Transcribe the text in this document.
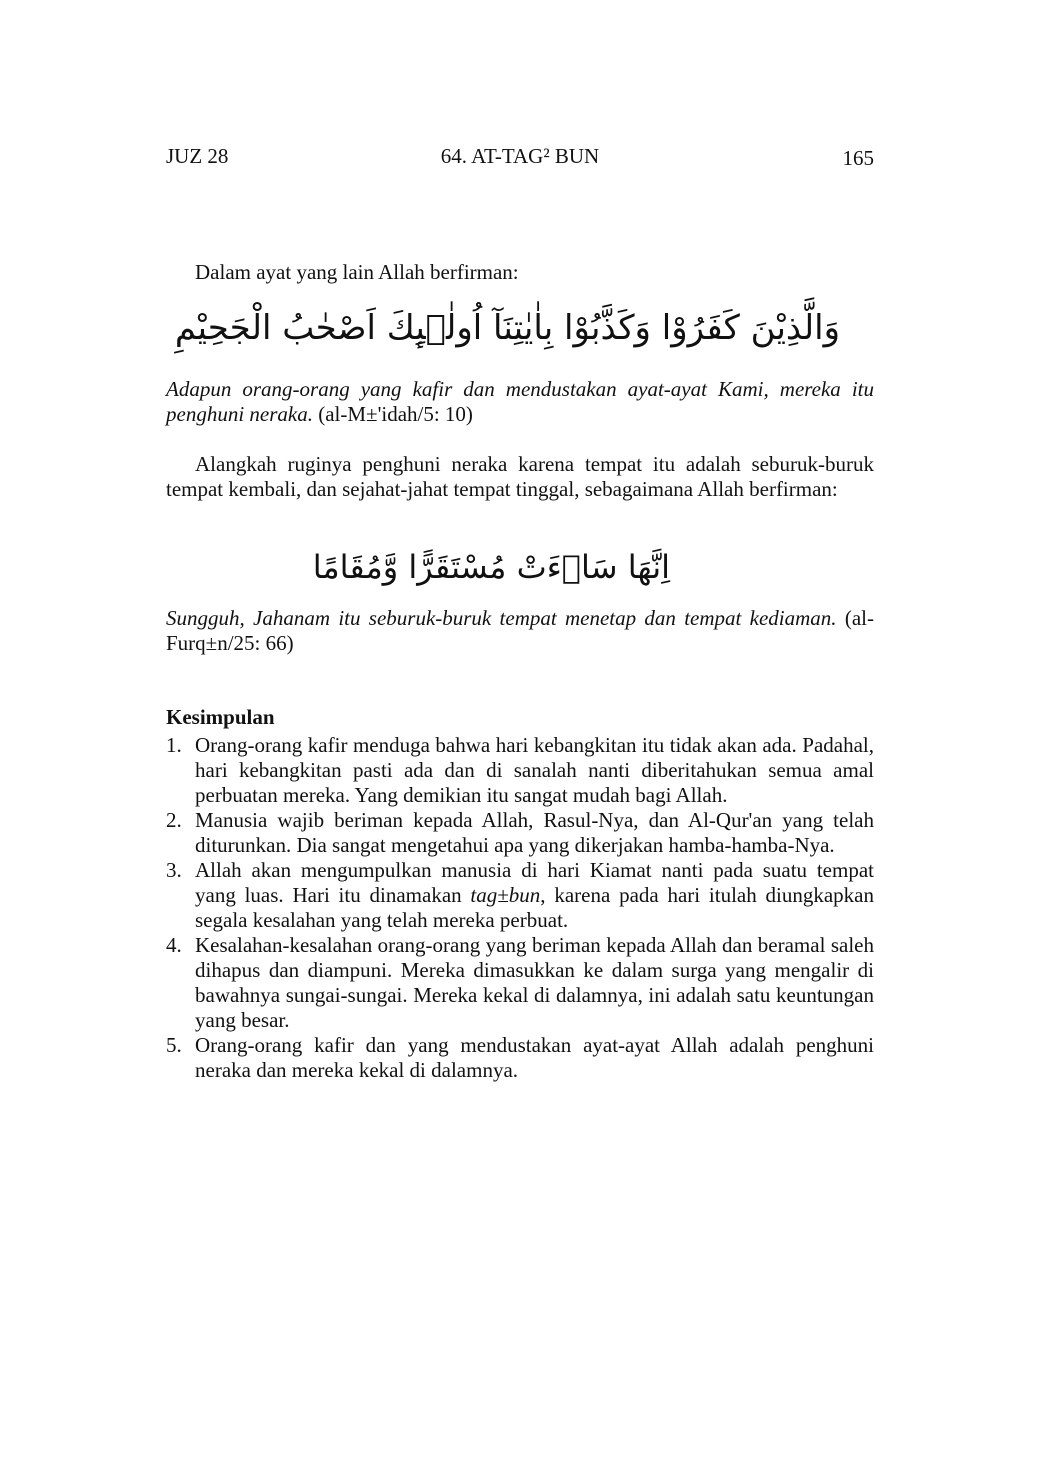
JUZ 28	64. AT-TAG² BUN	165
Dalam ayat yang lain Allah berfirman:
وَالَّذِيْنَ كَفَرُوْا وَكَذَّبُوْا بِاٰيٰتِنَآ اُولٰۤىِٕكَ اَصْحٰبُ الْجَحِيْمِ
Adapun orang-orang yang kafir dan mendustakan ayat-ayat Kami, mereka itu penghuni neraka. (al-M±'idah/5: 10)
Alangkah ruginya penghuni neraka karena tempat itu adalah seburuk-buruk tempat kembali, dan sejahat-jahat tempat tinggal, sebagaimana Allah berfirman:
اِنَّهَا سَاۤءَتْ مُسْتَقَرًّا وَّمُقَامًا
Sungguh, Jahanam itu seburuk-buruk tempat menetap dan tempat kediaman. (al-Furq±n/25: 66)
Kesimpulan
1. Orang-orang kafir menduga bahwa hari kebangkitan itu tidak akan ada. Padahal, hari kebangkitan pasti ada dan di sanalah nanti diberitahukan semua amal perbuatan mereka. Yang demikian itu sangat mudah bagi Allah.
2. Manusia wajib beriman kepada Allah, Rasul-Nya, dan Al-Qur'an yang telah diturunkan. Dia sangat mengetahui apa yang dikerjakan hamba-hamba-Nya.
3. Allah akan mengumpulkan manusia di hari Kiamat nanti pada suatu tempat yang luas. Hari itu dinamakan tag±bun, karena pada hari itulah diungkapkan segala kesalahan yang telah mereka perbuat.
4. Kesalahan-kesalahan orang-orang yang beriman kepada Allah dan beramal saleh dihapus dan diampuni. Mereka dimasukkan ke dalam surga yang mengalir di bawahnya sungai-sungai. Mereka kekal di dalamnya, ini adalah satu keuntungan yang besar.
5. Orang-orang kafir dan yang mendustakan ayat-ayat Allah adalah penghuni neraka dan mereka kekal di dalamnya.
